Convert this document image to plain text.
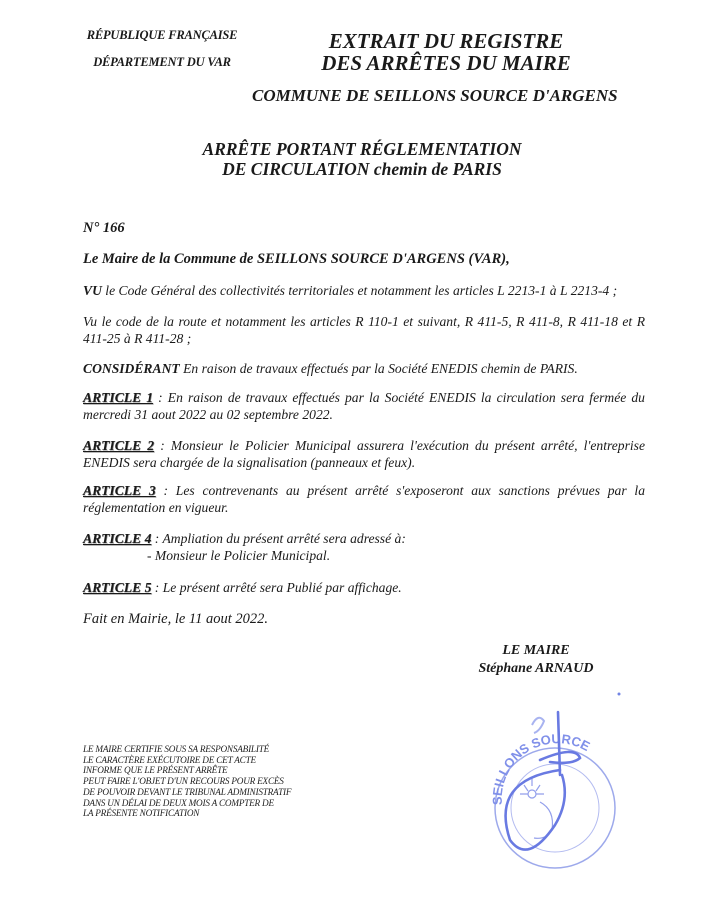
RÉPUBLIQUE FRANÇAISE
DÉPARTEMENT DU VAR
EXTRAIT DU REGISTRE
DES ARRÊTES DU MAIRE
COMMUNE DE SEILLONS SOURCE D'ARGENS
ARRÊTE PORTANT RÉGLEMENTATION
DE CIRCULATION chemin de PARIS
N° 166
Le Maire de la Commune de SEILLONS SOURCE D'ARGENS (VAR),
VU le Code Général des collectivités territoriales et notamment les articles L 2213-1 à L 2213-4 ;
Vu le code de la route et notamment les articles R 110-1 et suivant, R 411-5, R 411-8, R 411-18 et R 411-25 à R 411-28 ;
CONSIDÉRANT En raison de travaux effectués par la Société ENEDIS chemin de PARIS.
ARTICLE 1 : En raison de travaux effectués par la Société ENEDIS la circulation sera fermée du mercredi 31 aout 2022 au 02 septembre 2022.
ARTICLE 2 : Monsieur le Policier Municipal assurera l'exécution du présent arrêté, l'entreprise ENEDIS sera chargée de la signalisation (panneaux et feux).
ARTICLE 3 : Les contrevenants au présent arrêté s'exposeront aux sanctions prévues par la réglementation en vigueur.
ARTICLE 4 : Ampliation du présent arrêté sera adressé à:
- Monsieur le Policier Municipal.
ARTICLE 5 : Le présent arrêté sera Publié par affichage.
Fait en Mairie, le 11 aout 2022.
LE MAIRE
Stéphane ARNAUD
LE MAIRE CERTIFIE SOUS SA RESPONSABILITÉ
LE CARACTÈRE EXÉCUTOIRE DE CET ACTE
INFORME QUE LE PRÉSENT ARRÊTE
PEUT FAIRE L'OBJET D'UN RECOURS POUR EXCÈS
DE POUVOIR DEVANT LE TRIBUNAL ADMINISTRATIF
DANS UN DÉLAI DE DEUX MOIS A COMPTER DE
LA PRÉSENTE NOTIFICATION
SEILLONS SOURCE
